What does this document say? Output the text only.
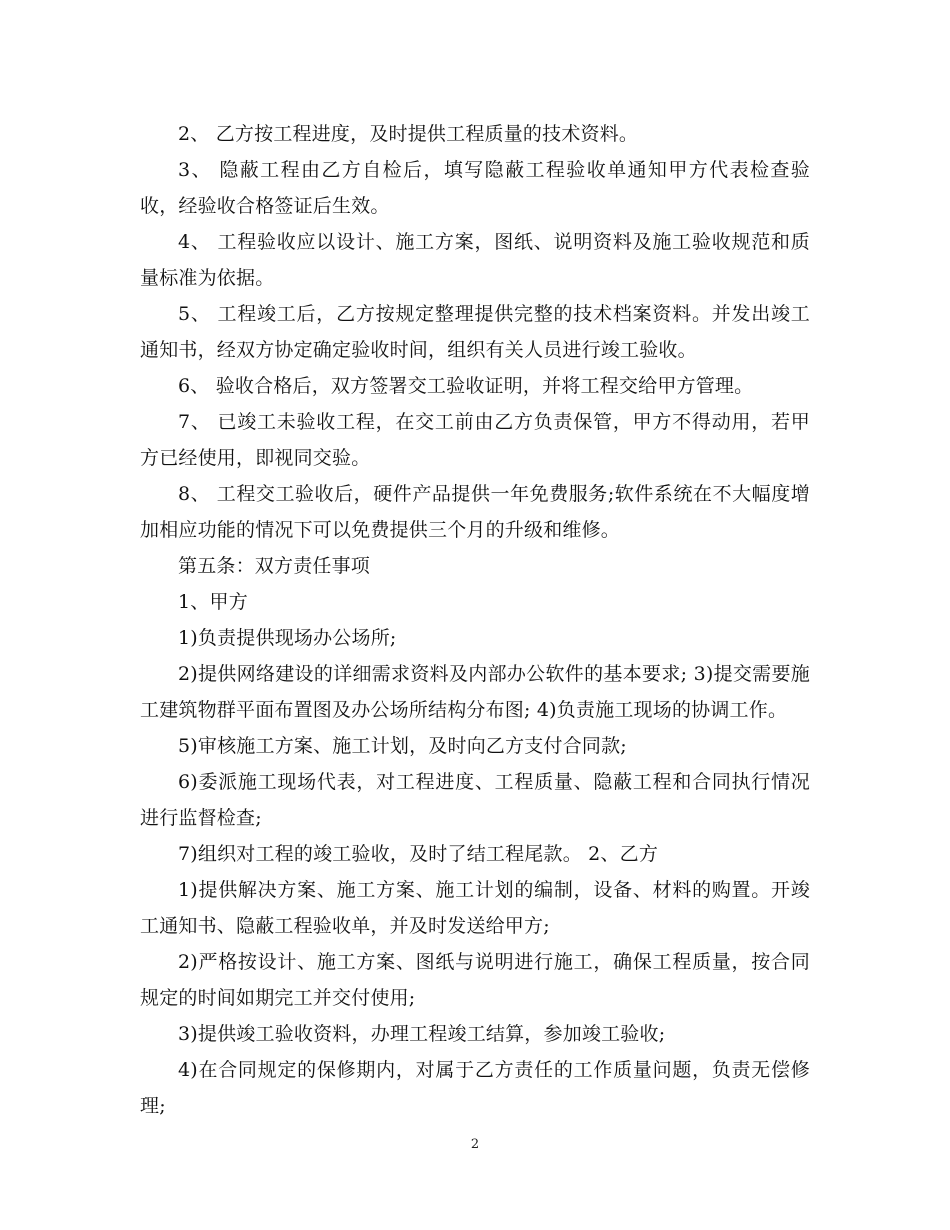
2、 乙方按工程进度，及时提供工程质量的技术资料。

3、 隐蔽工程由乙方自检后，填写隐蔽工程验收单通知甲方代表检查验收，经验收合格签证后生效。

4、 工程验收应以设计、施工方案，图纸、说明资料及施工验收规范和质量标准为依据。

5、 工程竣工后，乙方按规定整理提供完整的技术档案资料。并发出竣工通知书，经双方协定确定验收时间，组织有关人员进行竣工验收。

6、 验收合格后，双方签署交工验收证明，并将工程交给甲方管理。

7、 已竣工未验收工程，在交工前由乙方负责保管，甲方不得动用，若甲方已经使用，即视同交验。

8、 工程交工验收后，硬件产品提供一年免费服务;软件系统在不大幅度增加相应功能的情况下可以免费提供三个月的升级和维修。

第五条：双方责任事项

1、甲方

1)负责提供现场办公场所;

2)提供网络建设的详细需求资料及内部办公软件的基本要求; 3)提交需要施工建筑物群平面布置图及办公场所结构分布图; 4)负责施工现场的协调工作。

5)审核施工方案、施工计划，及时向乙方支付合同款;

6)委派施工现场代表，对工程进度、工程质量、隐蔽工程和合同执行情况进行监督检查;

7)组织对工程的竣工验收，及时了结工程尾款。 2、乙方

1)提供解决方案、施工方案、施工计划的编制，设备、材料的购置。开竣工通知书、隐蔽工程验收单，并及时发送给甲方;

2)严格按设计、施工方案、图纸与说明进行施工，确保工程质量，按合同规定的时间如期完工并交付使用;

3)提供竣工验收资料，办理工程竣工结算，参加竣工验收;

4)在合同规定的保修期内，对属于乙方责任的工作质量问题，负责无偿修理;

2
